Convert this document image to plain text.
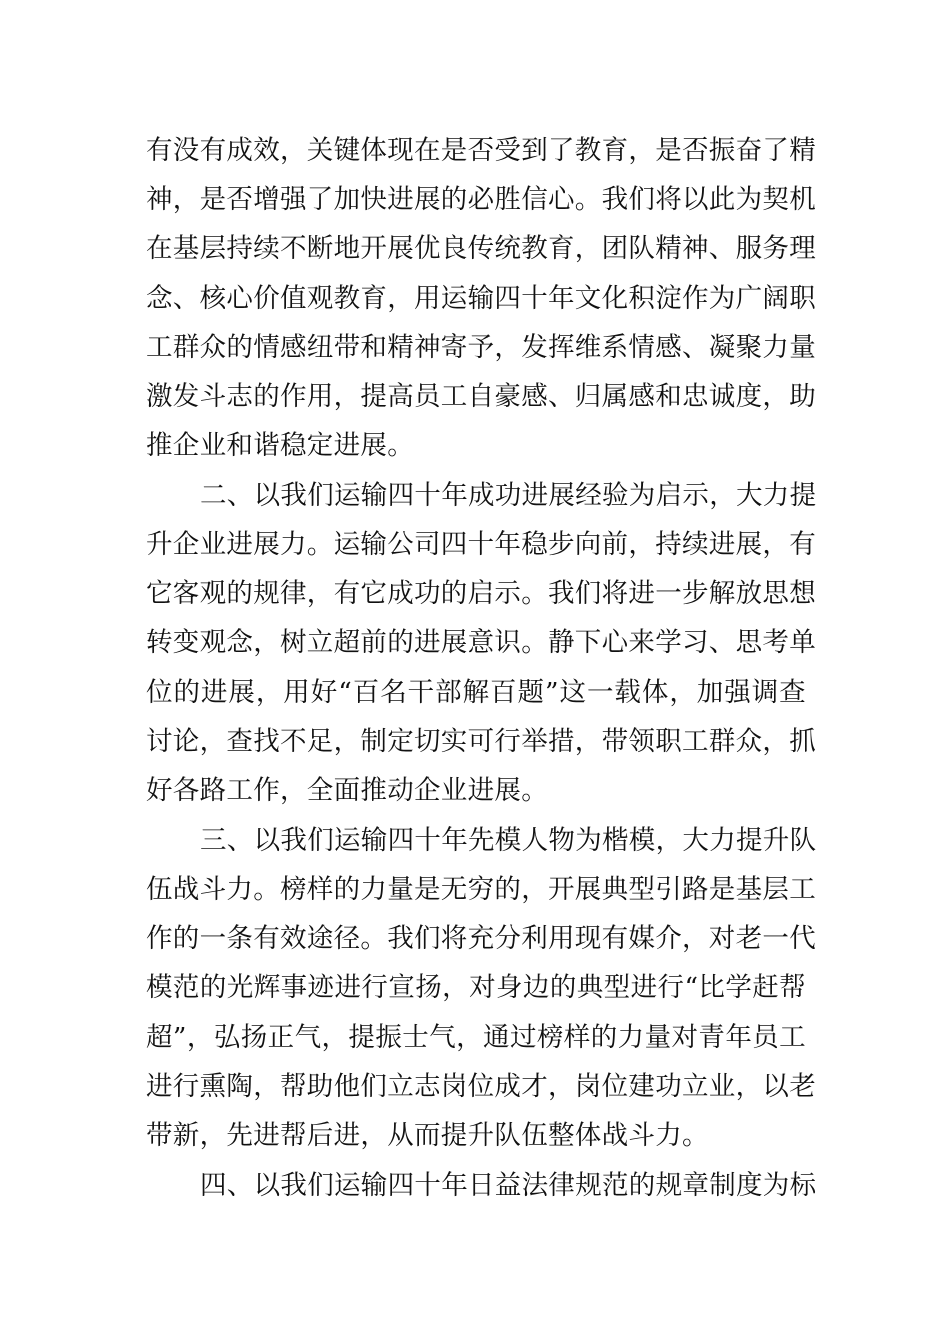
有没有成效，关键体现在是否受到了教育，是否振奋了精
神，是否增强了加快进展的必胜信心。我们将以此为契机
在基层持续不断地开展优良传统教育，团队精神、服务理
念、核心价值观教育，用运输四十年文化积淀作为广阔职
工群众的情感纽带和精神寄予，发挥维系情感、凝聚力量
激发斗志的作用，提高员工自豪感、归属感和忠诚度，助
推企业和谐稳定进展。
二、以我们运输四十年成功进展经验为启示，大力提
升企业进展力。运输公司四十年稳步向前，持续进展，有
它客观的规律，有它成功的启示。我们将进一步解放思想
转变观念，树立超前的进展意识。静下心来学习、思考单
位的进展，用好“百名干部解百题”这一载体，加强调查
讨论，查找不足，制定切实可行举措，带领职工群众，抓
好各路工作，全面推动企业进展。
三、以我们运输四十年先模人物为楷模，大力提升队
伍战斗力。榜样的力量是无穷的，开展典型引路是基层工
作的一条有效途径。我们将充分利用现有媒介，对老一代
模范的光辉事迹进行宣扬，对身边的典型进行“比学赶帮
超”，弘扬正气，提振士气，通过榜样的力量对青年员工
进行熏陶，帮助他们立志岗位成才，岗位建功立业，以老
带新，先进帮后进，从而提升队伍整体战斗力。
四、以我们运输四十年日益法律规范的规章制度为标
